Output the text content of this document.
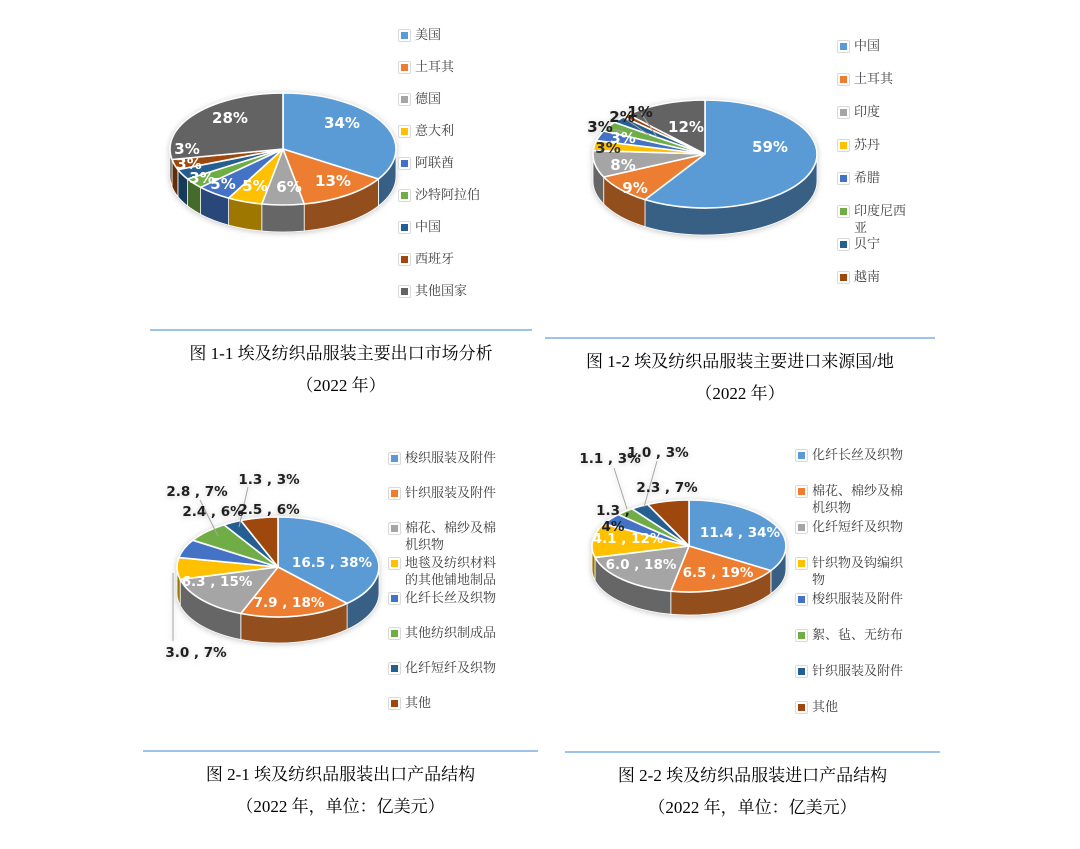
34%
13%
6%
5%
5%
3%
3%
3%
28%
美国
土耳其
德国
意大利
阿联酋
沙特阿拉伯
中国
西班牙
其他国家
图 1-1 埃及纺织品服装主要出口市场分析
（2022 年）
59%
9%
8%
3%
3%
3%
2%
1%
12%
中国
土耳其
印度
苏丹
希腊
印度尼西亚
贝宁
越南
图 1-2 埃及纺织品服装主要进口来源国/地
（2022 年）
16.5 , 38%
7.9 , 18%
6.3 , 15%
3.0 , 7%
2.4 , 6%
2.8 , 7%
1.3 , 3%
2.5 , 6%
梭织服装及附件
针织服装及附件
棉花、棉纱及棉机织物
地毯及纺织材料的其他铺地制品
化纤长丝及织物
其他纺织制成品
化纤短纤及织物
其他
图 2-1 埃及纺织品服装出口产品结构
（2022 年，单位：亿美元）
11.4 , 34%
6.5 , 19%
6.0 , 18%
4.1 , 12%
1.3 , 4%
1.1 , 3%
1.0 , 3%
2.3 , 7%
化纤长丝及织物
棉花、棉纱及棉机织物
化纤短纤及织物
针织物及钩编织物
梭织服装及附件
絮、毡、无纺布
针织服装及附件
其他
图 2-2 埃及纺织品服装进口产品结构
（2022 年，单位：亿美元）
